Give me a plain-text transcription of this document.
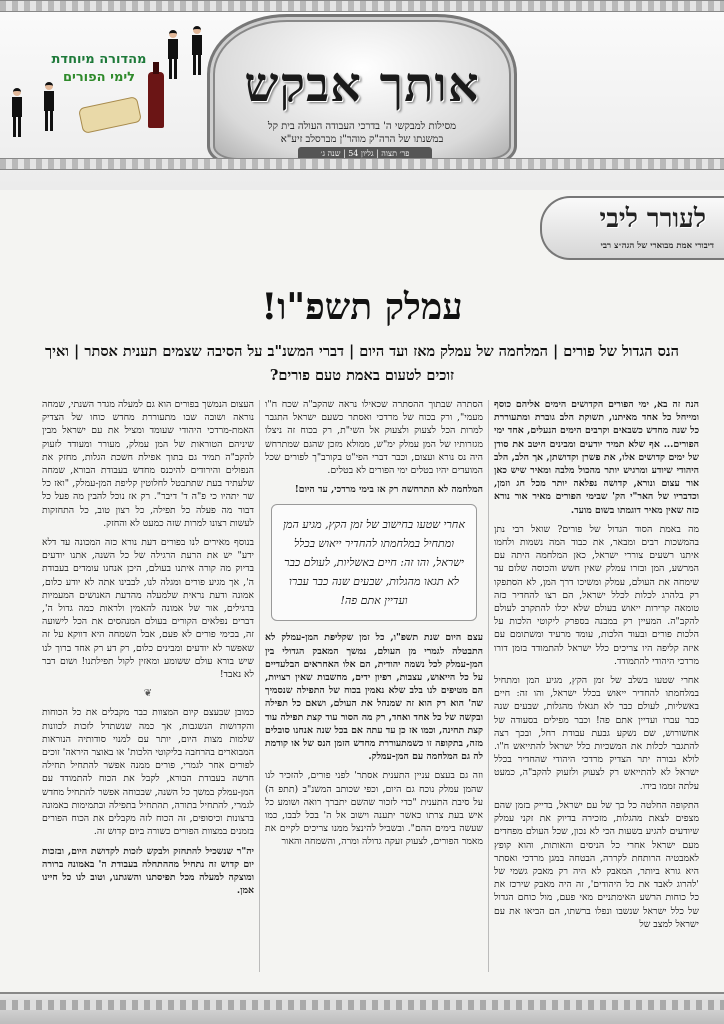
מהדורה מיוחדת
לימי הפורים	אותך אבקש
מסילות למבקשי ה' בדרכי העבודה העולה בית קל
במשנתו של הרה"ק מוהר"ן מברסלב זיע"א
פר׳ תצוה | גליון 54 | שנה ג׳
לעורר ליבי
דיבורי אמת מבוארי של הגה״צ רבי
עמלק תשפ"ו!
הנס הגדול של פורים | המלחמה של עמלק מאז ועד היום | דברי המשנ"ב על הסיבה שצמים תענית אסתר | ואיך זוכים לטעום באמת טעם פורים?

הנה זה בא, ימי הפורים הקדושים הימים אליהם כוסף ומייחל כל אחד מאיתנו, תשוקת הלב גוברת ומתעוררת כל שנה מחדש כשבאים וקרבים הימים הנעלים, אחד ימי הפורים... אף שלא תמיד יודעים ומבינים היטב את סודן של ימים קדושים אלו, את פשרן וקדושתן, אך הלב, הלב היהודי שיודע ומרגיש יותר מהכול מלבה ומאיר שיש כאן אור עצום ונורא, קדושה נפלאה יותר מכל חג וזמן, וכדבריו של האר"י הק' שבימי הפורים מאיר אור נורא כזה שאין מאיר דוגמתו בשום מועד.

מה באמת הסוד הגדול של פורים? שואל רבי נתן בהמשכות רבים ומבאר, את כבוד המה נשמות ולחמו איתנו רשעים צוררי ישראל, כאן המלחמה היתה עם המרשע, המן ובזרו עמלק שאין חשש והכוסה שלום עד שימחה את העולם, עמלק ומשיכו דרך המן, לא הסתפקו רק בלהרג לכלות לכלל ישראל, הם רצו להחדיר כזה טומאה קרירות ייאוש בעולם שלא יכלו להתקרב לעולם להקב"ה. המעיין רק במבנה בספרק ליקוטי הלכות על הלכות פורים ובעוד הלכות, עומד מרעיד ומשתומם עם איזה קליפה היו צריכים כלל ישראל להתמודד בזמן דורו מרדכי היהודי להתמודד.

אחרי שטעו בשלב של זמן הקץ, מגיע המן ומתחיל במלחמתו להחדיר ייאוש בכלל ישראל, והו זה: חיים באשליות, לעולם כבר לא תגאלו מהגלות, שבעים שנה כבר עברו ועדיין אתם פה! וכבר מפילים בסעודה של אחשורוש, שם נשקע גבעת עבודת רחל, ובכך רצה להתגבר לכלות את המשכיות כלל ישראל להתייאש ח"ו. לולא גבורה יתר הצדיק מרדכי היהודי שהחדיר בכלל ישראל לא להתייאש רק לצעוק ולזעוק להקב"ה, כמעט עלתה זממו בידו.

התקופה החלטה כל כך של עם ישראל, בדייק בזמן שהם מצפים לצאת מהגלות, מזכירה בדיוק את זקני עמלק שיודעים להגיע בשעות הכי לא נכון, שכל העולם מפחדים מעם ישראל אחרי כל הניסים והאותות, והוא קופץ לאמבטיה הרותחת לקררה, הבטחה במגן מרדכי ואסתר היא גורא ביותר, המאבק לא היה רק מאבק גשמי של 'להרוג לאבד את כל היהודים', זה היה מאבק שירכז את כל כוחות הרשע האימתניים מאי פעם, מול כוחם הגדול של כלל ישראל שנשבו ונפלו ברשתו, הם הביאו את עם ישראל למצב של

הסתרה שבתוך ההסתרה שכאילו נראה שהקב"ה שכח ח"ו מעמי", ורק בכוח של מרדכי ואסתר כשעם ישראל התגבר למרות הכל לצעוק ולצעוק אל השי"ת, רק בכוח זה ניצלו מגזרותיו של המן עמלק ימ"ש, ממולא מזכן שהגם שמתרחש היה נס נורא ועצום, וכבר דברי הפי"ט בקורב"ך לפורים שכל המועדים יהיו בטלים ימי הפורים לא בטלים.

המלחמה לא התרחשה רק אז בימי מרדכי, עד היום!

אחרי שטעו בחישוב של זמן הקץ, מגיע המן ומתחיל במלחמתו להחדיר ייאוש בכלל ישראל, והו זה: חיים באשליות, לעולם כבר לא תגאו מהגלות, שבעים שנה כבר עברו ועדיין אתם פה!

עצם היום שנת תשפ"ו, כל זמן שקליפת המן-עמלק לא התבטלה לגמרי מן העולם, נמשך המאבק הגדולי בין המן-עמלק לכל נשמה יהודית, הם אלו האחראים הבלעדיים על כל הייאוש, עצבות, רפיון ידים, מחשבות שאין רצויות, הם מטיפים לנו בלב שלא נאמין בכוח של התפילה שנסמיך שה' הוא רק הוא זה שמנהל את העולם, ושאם כל תפילה ובקשה של כל אחד ואחד, רק מה הסור עוד קצת תפילה עוד קצת תחינה, וכמו אז כן עד עתה אם בכל שנה אנחנו סובלים מזה, בתקופה זו כשמתעוררת מחדש הזמן הנס של או קודמת לה גם המלחמה עם המן-עמלק.

וזה גם בעצם עניין התענית אסתר' לפני פורים, להזכיר לנו שהמן עמלק נוכח גם היום, וכפי שכותב המשנ"ב (תתפ ה) על סיבת התענית "כדי לזכור שהשם יתברך רואה ושומע כל איש בעת צרתו כאשר יתענה וישוב אל ה' בכל לבבו, כמו שעשה בימים ההם". ובשביל להינצל ממנו צריכים לקיים את מאמר הפורים, לצעוק זעקה גדולה ומרה, והשמחה והאור

העצום הנמשך בפורים הוא גם למעלה מגדר השנתי, שמחה נוראה ושובה שבו מתעוררת מחדש כוחו של הצדיק האמת-מרדכי היהודי שעומד ומציל את עם ישראל מבין שיניהם הטוראות של המן עמלק, מעורר ומעודד לזעוק להקב"ה תמיד גם בתוך אפילת חשכת הגלות, מחזק את הנפולים והירודים להיכנס מחדש בעבודת הבורא, שמחה שלעתיד בעת שתתבטל לחלוטין קליפת המן-עמלק, "ואז כל שר יתהיו כי פ"ה ד' דיבר". רק אז נוכל להבין מה פעל כל דבור מה פעלה כל תפילה, כל רצון טוב, כל התחזקות לעשות רצונו למרות שזה כמעט לא והחזק.

בנוסף מאירים לנו בפורים דעת נורא כזה המכונה עד דלא ידע" יש את הרעת הרגילה של כל השנה, אתנו יודעים בדיוק מה קורה איתנו בעולם, היכן אנחנו עומדים בעבודת ה', אך מגיע פורים ומגלה לנו, לבבינו אתה לא יודע כלום, אמונה ודעת נראית שלמעלה מהדעת האנושים המעמיות ברגילים, אור של אמונה להאמין ולראות כמה גדול ה', דברים נפלאים הקורים בעולם המנהסים את הכל לישועה זה, בכימי פורים לא פעם, אבל השמחה היא דווקא על זה שאפשר לא יודעים ומבינים כלום, רק דע רק אחד ברוך לנו שיש בורא עולם ששומע ומאזין לקול תפילתנו! ושום דבר לא נאבד!

❦

כמובן שבעצם קיום המצוות כבר מקבלים את כל הכוחות והקדושות הנשגבות, אך כמה שנשתדל לזכות לכוונות שלמות מצות היום, יותר עם למנוי סודותיה הנוראות המבוארים בהרחבה בליקוטי הלכות' או באוצר היראה' זוכים לפורים אחר לגמרי, פורים ממנה אפשר להתחיל תחילה חדשה בעבודת הבורא, לקבל את הכוח להתמודד עם המן-עמלק במשך כל השנה, שבכוחה אפשר להתחיל מחדש לגמרי, להתחיל בתורה, תהתחיל בתפילה ובתמימות באמונה ברצונות וכיסופים, זה הכוח לזה מקבלים את הכוח הפורים בזמנים במצוות הפורים כשורה ביום קדוש זה.

יה"ר שנשכיל להתחזק ולבקש לזכות לקדושת היום, ובזכות יום קדוש זה נתחיל מההתחלה בעבודת ה' באמונה ברורה ומוצקה למעלה מכל תפיסתנו והשגתנו, וטוב לנו כל חיינו אמן.
